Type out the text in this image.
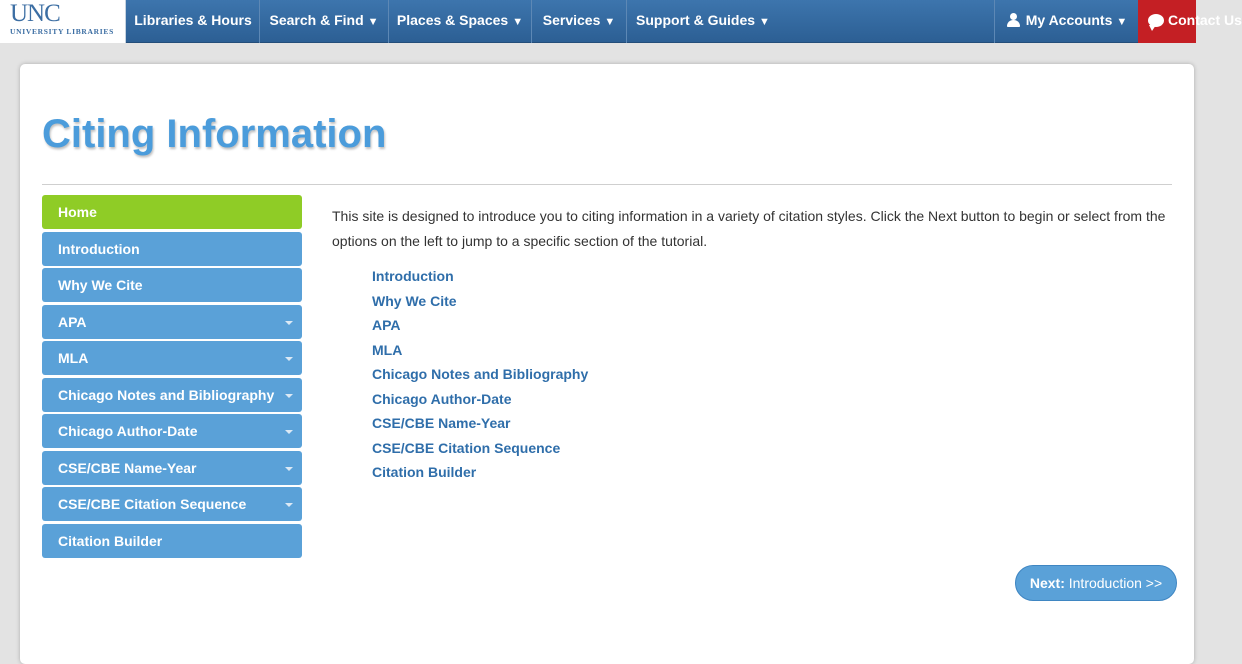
UNC
UNIVERSITY LIBRARIES
Libraries & Hours	Search & Find ▼	Places & Spaces ▼	Services ▼	Support & Guides ▼	My Accounts ▼	Contact Us
Citing Information
Home
Introduction
Why We Cite
APA
MLA
Chicago Notes and Bibliography
Chicago Author-Date
CSE/CBE Name-Year
CSE/CBE Citation Sequence
Citation Builder

This site is designed to introduce you to citing information in a variety of citation styles. Click the Next button to begin or select from the options on the left to jump to a specific section of the tutorial.

Introduction
Why We Cite
APA
MLA
Chicago Notes and Bibliography
Chicago Author-Date
CSE/CBE Name-Year
CSE/CBE Citation Sequence
Citation Builder
Next: Introduction >>
